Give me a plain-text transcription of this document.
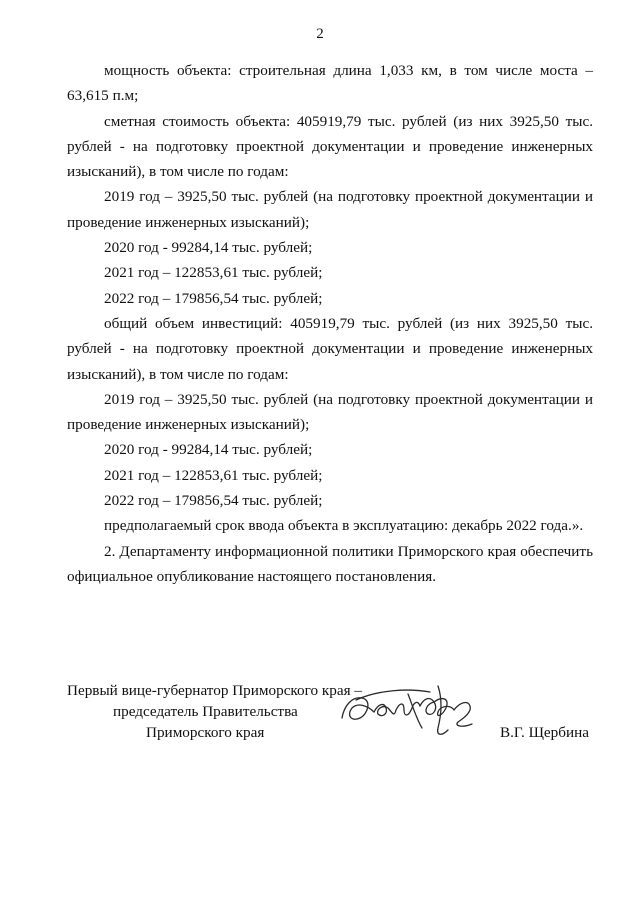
2

мощность объекта: строительная длина 1,033 км, в том числе моста – 63,615 п.м;

сметная стоимость объекта: 405919,79 тыс. рублей (из них 3925,50 тыс. рублей - на подготовку проектной документации и проведение инженерных изысканий), в том числе по годам:

2019 год – 3925,50 тыс. рублей (на подготовку проектной документации и проведение инженерных изысканий);

2020 год - 99284,14 тыс. рублей;

2021 год – 122853,61 тыс. рублей;

2022 год – 179856,54 тыс. рублей;

общий объем инвестиций: 405919,79 тыс. рублей (из них 3925,50 тыс. рублей - на подготовку проектной документации и проведение инженерных изысканий), в том числе по годам:

2019 год – 3925,50 тыс. рублей (на подготовку проектной документации и проведение инженерных изысканий);

2020 год - 99284,14 тыс. рублей;

2021 год – 122853,61 тыс. рублей;

2022 год – 179856,54 тыс. рублей;

предполагаемый срок ввода объекта в эксплуатацию: декабрь 2022 года.».

2. Департаменту информационной политики Приморского края обеспечить официальное опубликование настоящего постановления.

Первый вице-губернатор Приморского края –
председатель Правительства
Приморского края	В.Г. Щербина
